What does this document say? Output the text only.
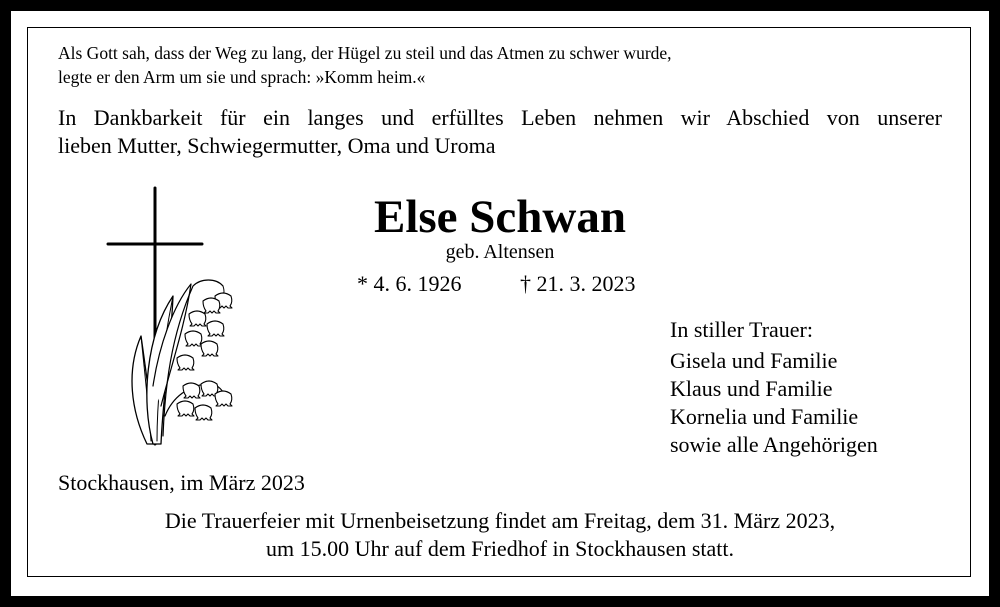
Als Gott sah, dass der Weg zu lang, der Hügel zu steil und das Atmen zu schwer wurde,
legte er den Arm um sie und sprach: »Komm heim.«
In Dankbarkeit für ein langes und erfülltes Leben nehmen wir Abschied von unserer
lieben Mutter, Schwiegermutter, Oma und Uroma
Else Schwan
geb. Altensen
* 4. 6. 1926	† 21. 3. 2023
In stiller Trauer:
Gisela und Familie
Klaus und Familie
Kornelia und Familie
sowie alle Angehörigen
Stockhausen, im März 2023
Die Trauerfeier mit Urnenbeisetzung findet am Freitag, dem 31. März 2023,
um 15.00 Uhr auf dem Friedhof in Stockhausen statt.
